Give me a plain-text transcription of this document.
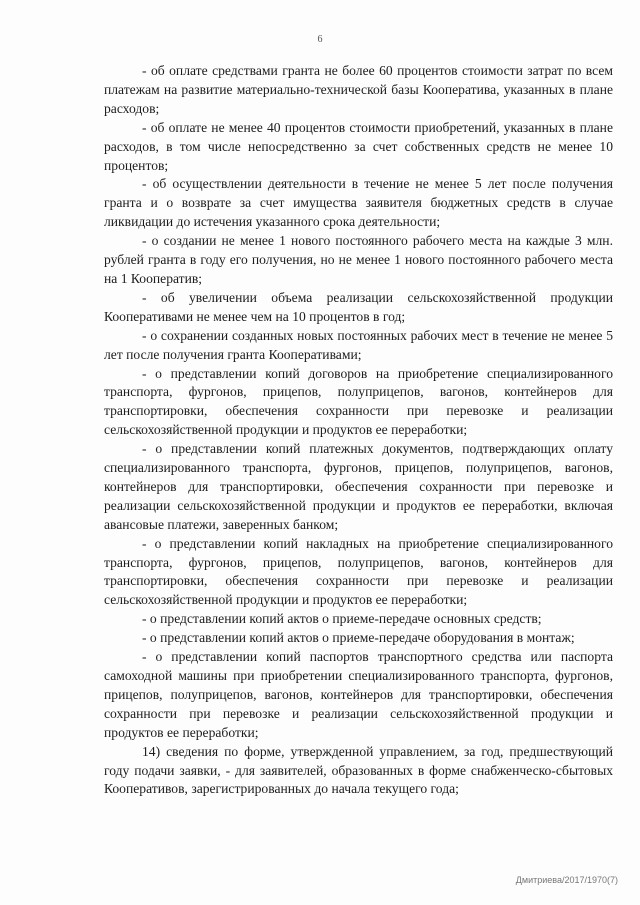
6

- об оплате средствами гранта не более 60 процентов стоимости затрат по всем платежам на развитие материально-технической базы Кооператива, указанных в плане расходов;

- об оплате не менее 40 процентов стоимости приобретений, указанных в плане расходов, в том числе непосредственно за счет собственных средств не менее 10 процентов;

- об осуществлении деятельности в течение не менее 5 лет после получения гранта и о возврате за счет имущества заявителя бюджетных средств в случае ликвидации до истечения указанного срока деятельности;

- о создании не менее 1 нового постоянного рабочего места на каждые 3 млн. рублей гранта в году его получения, но не менее 1 нового постоянного рабочего места на 1 Кооператив;

- об увеличении объема реализации сельскохозяйственной продукции Кооперативами не менее чем на 10 процентов в год;

- о сохранении созданных новых постоянных рабочих мест в течение не менее 5 лет после получения гранта Кооперативами;

- о представлении копий договоров на приобретение специализированного транспорта, фургонов, прицепов, полуприцепов, вагонов, контейнеров для транспортировки, обеспечения сохранности при перевозке и реализации сельскохозяйственной продукции и продуктов ее переработки;

- о представлении копий платежных документов, подтверждающих оплату специализированного транспорта, фургонов, прицепов, полуприцепов, вагонов, контейнеров для транспортировки, обеспечения сохранности при перевозке и реализации сельскохозяйственной продукции и продуктов ее переработки, включая авансовые платежи, заверенных банком;

- о представлении копий накладных на приобретение специализированного транспорта, фургонов, прицепов, полуприцепов, вагонов, контейнеров для транспортировки, обеспечения сохранности при перевозке и реализации сельскохозяйственной продукции и продуктов ее переработки;

- о представлении копий актов о приеме-передаче основных средств;

- о представлении копий актов о приеме-передаче оборудования в монтаж;

- о представлении копий паспортов транспортного средства или паспорта самоходной машины при приобретении специализированного транспорта, фургонов, прицепов, полуприцепов, вагонов, контейнеров для транспортировки, обеспечения сохранности при перевозке и реализации сельскохозяйственной продукции и продуктов ее переработки;

14) сведения по форме, утвержденной управлением, за год, предшествующий году подачи заявки, - для заявителей, образованных в форме снабженческо-сбытовых Кооперативов, зарегистрированных до начала текущего года;

Дмитриева/2017/1970(7)
